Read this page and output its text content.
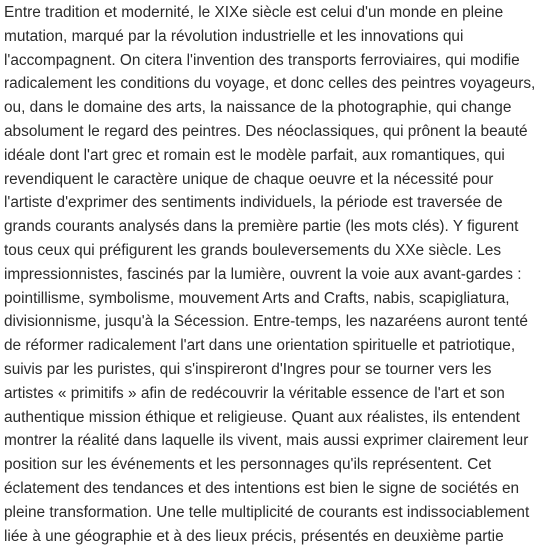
Entre tradition et modernité, le XIXe siècle est celui d'un monde en pleine
mutation, marqué par la révolution industrielle et les innovations qui
l'accompagnent. On citera l'invention des transports ferroviaires, qui modifie
radicalement les conditions du voyage, et donc celles des peintres voyageurs,
ou, dans le domaine des arts, la naissance de la photographie, qui change
absolument le regard des peintres. Des néoclassiques, qui prônent la beauté
idéale dont l'art grec et romain est le modèle parfait, aux romantiques, qui
revendiquent le caractère unique de chaque oeuvre et la nécessité pour
l'artiste d'exprimer des sentiments individuels, la période est traversée de
grands courants analysés dans la première partie (les mots clés). Y figurent
tous ceux qui préfigurent les grands bouleversements du XXe siècle. Les
impressionnistes, fascinés par la lumière, ouvrent la voie aux avant-gardes :
pointillisme, symbolisme, mouvement Arts and Crafts, nabis, scapigliatura,
divisionnisme, jusqu'à la Sécession. Entre-temps, les nazaréens auront tenté
de réformer radicalement l'art dans une orientation spirituelle et patriotique,
suivis par les puristes, qui s'inspireront d'Ingres pour se tourner vers les
artistes « primitifs » afin de redécouvrir la véritable essence de l'art et son
authentique mission éthique et religieuse. Quant aux réalistes, ils entendent
montrer la réalité dans laquelle ils vivent, mais aussi exprimer clairement leur
position sur les événements et les personnages qu'ils représentent. Cet
éclatement des tendances et des intentions est bien le signe de sociétés en
pleine transformation. Une telle multiplicité de courants est indissociablement
liée à une géographie et à des lieux précis, présentés en deuxième partie
